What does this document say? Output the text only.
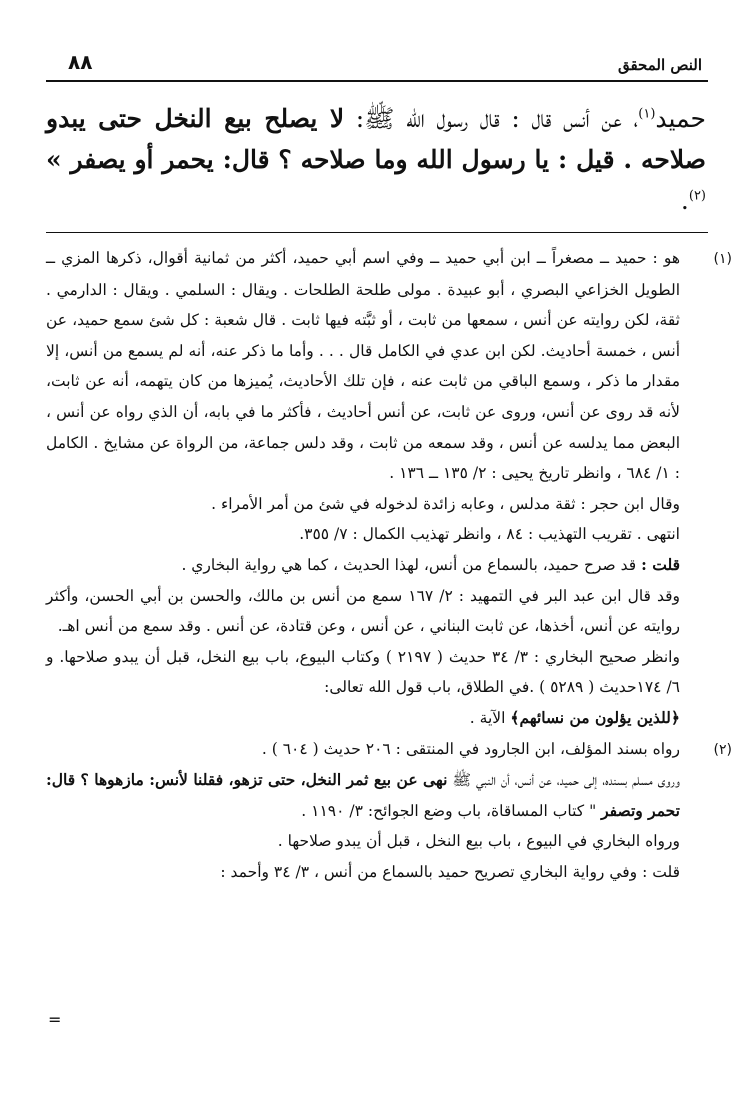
النص المحقق
٨٨
حميد$^{(١)}$، عن أنس قال : قال رسول الله ﷺ: لا يصلح بيع النخل حتى يبدو صلاحه . قيل : يا رسول الله وما صلاحه ؟ قال: يحمر أو يصفر » $^{(٢)}$.

(١)هو : حميد ــ مصغراً ــ ابن أبي حميد ــ وفي اسم أبي حميد، أكثر من ثمانية أقوال، ذكرها المزي ــ الطويل الخزاعي البصري ، أبو عبيدة . مولى طلحة الطلحات . ويقال : السلمي . ويقال : الدارمي . ثقة، لكن روايته عن أنس ، سمعها من ثابت ، أو ثبَّته فيها ثابت . قال شعبة : كل شئ سمع حميد، عن أنس ، خمسة أحاديث. لكن ابن عدي في الكامل قال . . . وأما ما ذكر عنه، أنه لم يسمع من أنس، إلا مقدار ما ذكر ، وسمع الباقي من ثابت عنه ، فإن تلك الأحاديث، يُميزها من كان يتهمه، أنه عن ثابت، لأنه قد روى عن أنس، وروى عن ثابت، عن أنس أحاديث ، فأكثر ما في بابه، أن الذي رواه عن أنس ، البعض مما يدلسه عن أنس ، وقد سمعه من ثابت ، وقد دلس جماعة، من الرواة عن مشايخ . الكامل : ١/ ٦٨٤ ، وانظر تاريخ يحيى : ٢/ ١٣٥ ــ ١٣٦ .

وقال ابن حجر : ثقة مدلس ، وعابه زائدة لدخوله في شئ من أمر الأمراء .

انتهى . تقريب التهذيب : ٨٤ ، وانظر تهذيب الكمال : ٧/ ٣٥٥.

قلت : قد صرح حميد، بالسماع من أنس، لهذا الحديث ، كما هي رواية البخاري .

وقد قال ابن عبد البر في التمهيد : ٢/ ١٦٧ سمع من أنس بن مالك، والحسن بن أبي الحسن، وأكثر روايته عن أنس، أخذها، عن ثابت البناني ، عن أنس ، وعن قتادة، عن أنس . وقد سمع من أنس اهـ.

وانظر صحيح البخاري : ٣/ ٣٤ حديث ( ٢١٩٧ ) وكتاب البيوع، باب بيع النخل، قبل أن يبدو صلاحها. و ٦/ ١٧٤حديث ( ٥٢٨٩ ) .في الطلاق، باب قول الله تعالى:
﴿للذين يؤلون من نسائهم﴾ الآية .

(٢)رواه بسند المؤلف، ابن الجارود في المنتقى : ٢٠٦ حديث ( ٦٠٤ ) .

وروى مسلم بسنده، إلى حميد، عن أنس، أن النبي ﷺ نهى عن بيع ثمر النخل، حتى تزهو، فقلنا لأنس: مازهوها ؟ قال: تحمر وتصفر " كتاب المساقاة، باب وضع الجوائح: ٣/ ١١٩٠ .

ورواه البخاري في البيوع ، باب بيع النخل ، قبل أن يبدو صلاحها .

قلت : وفي رواية البخاري تصريح حميد بالسماع من أنس ، ٣/ ٣٤ وأحمد :

=
